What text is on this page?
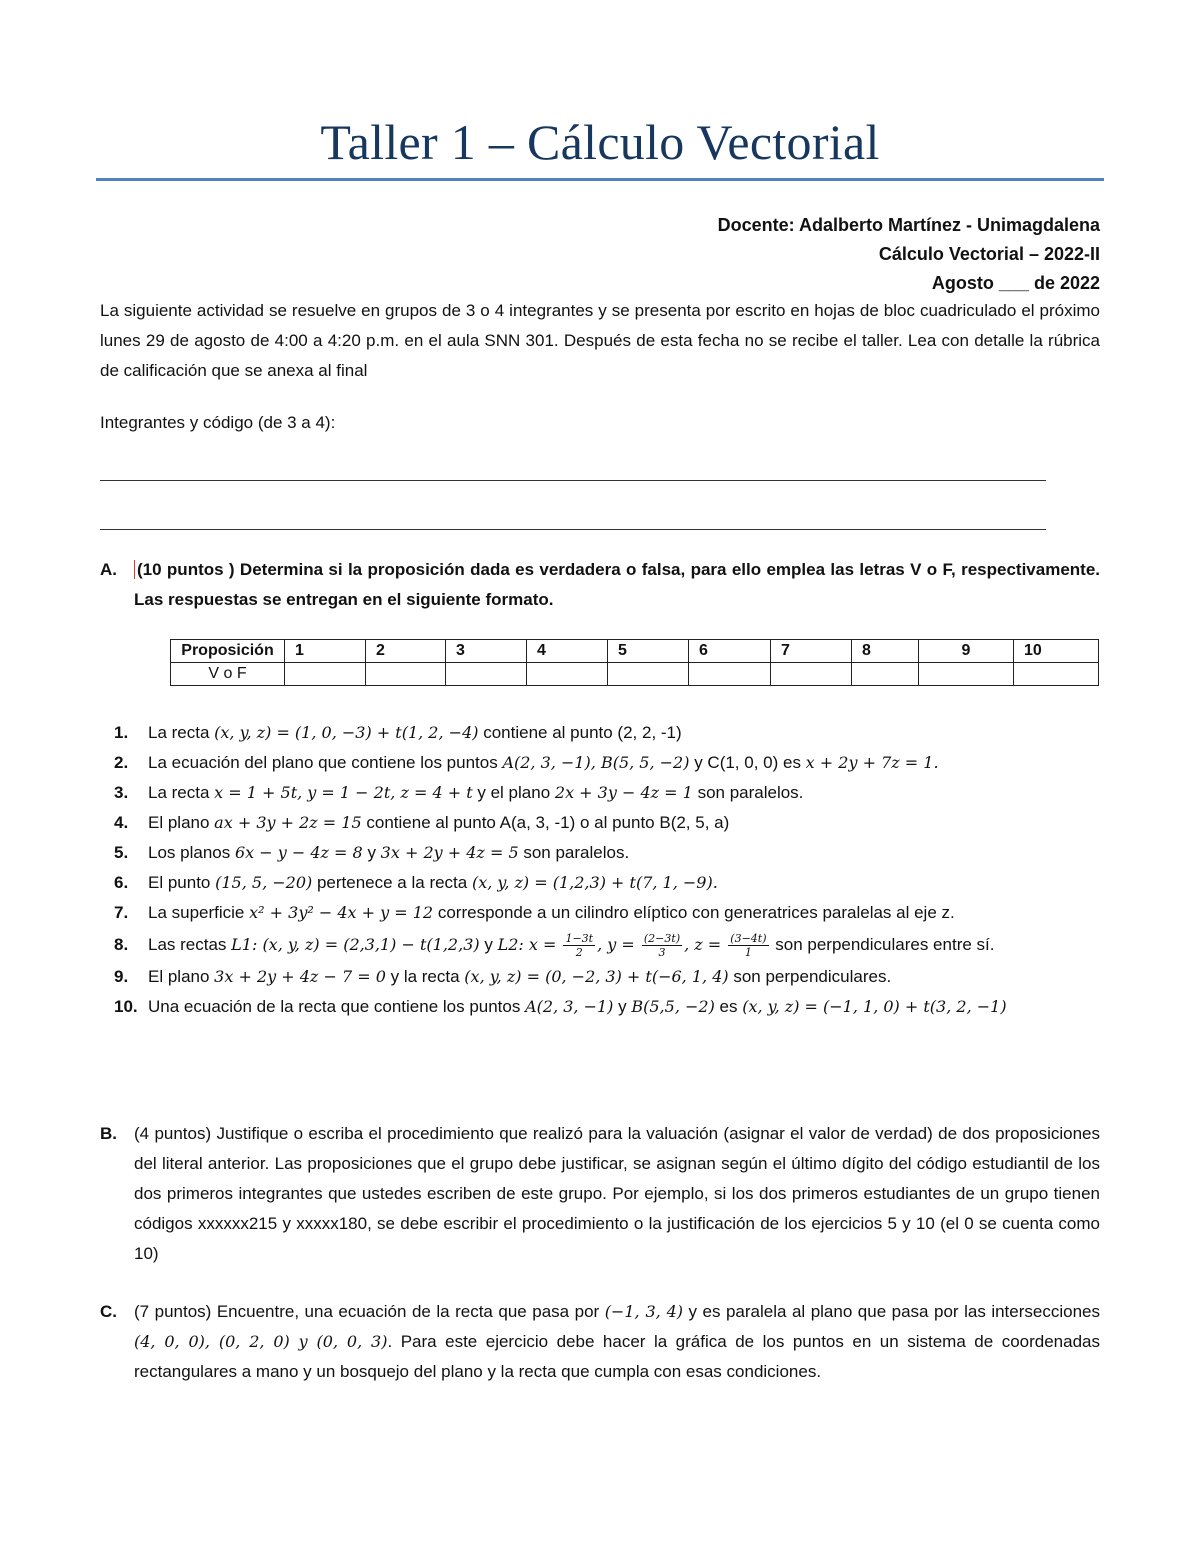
Taller 1 – Cálculo Vectorial
Docente: Adalberto Martínez - Unimagdalena
Cálculo Vectorial – 2022-II
Agosto ___ de 2022
La siguiente actividad se resuelve en grupos de 3 o 4 integrantes y se presenta por escrito en hojas de bloc cuadriculado el próximo lunes 29 de agosto de 4:00 a 4:20 p.m. en el aula SNN 301. Después de esta fecha no se recibe el taller. Lea con detalle la rúbrica de calificación que se anexa al final
Integrantes y código (de 3 a 4):
A. (10 puntos ) Determina si la proposición dada es verdadera o falsa, para ello emplea las letras V o F, respectivamente. Las respuestas se entregan en el siguiente formato.
Proposición	1	2	3	4	5	6	7	8	9	10
V o F										
1. La recta (x, y, z) = (1, 0, −3) + t(1, 2, −4) contiene al punto (2, 2, -1)
2. La ecuación del plano que contiene los puntos A(2, 3, −1), B(5, 5, −2) y C(1, 0, 0) es x + 2y + 7z = 1.
3. La recta x = 1 + 5t, y = 1 − 2t, z = 4 + t y el plano 2x + 3y − 4z = 1 son paralelos.
4. El plano ax + 3y + 2z = 15 contiene al punto A(a, 3, -1) o al punto B(2, 5, a)
5. Los planos 6x − y − 4z = 8 y 3x + 2y + 4z = 5 son paralelos.
6. El punto (15, 5, −20) pertenece a la recta (x, y, z) = (1,2,3) + t(7, 1, −9).
7. La superficie x² + 3y² − 4x + y = 12 corresponde a un cilindro elíptico con generatrices paralelas al eje z.
8. Las rectas L1: (x, y, z) = (2,3,1) − t(1,2,3) y L2: $x = \frac{1-3t}{2}$ , $y = \frac{(2-3t)}{3}$ , $z = \frac{(3-4t)}{1}$ son perpendiculares entre sí.
9. El plano 3x + 2y + 4z − 7 = 0 y la recta (x, y, z) = (0, −2, 3) + t(−6, 1, 4) son perpendiculares.
10. Una ecuación de la recta que contiene los puntos A(2, 3, −1) y B(5,5, −2) es (x, y, z) = (−1, 1, 0) + t(3, 2, −1)
B. (4 puntos) Justifique o escriba el procedimiento que realizó para la valuación (asignar el valor de verdad) de dos proposiciones del literal anterior. Las proposiciones que el grupo debe justificar, se asignan según el último dígito del código estudiantil de los dos primeros integrantes que ustedes escriben de este grupo. Por ejemplo, si los dos primeros estudiantes de un grupo tienen códigos xxxxxx215 y xxxxx180, se debe escribir el procedimiento o la justificación de los ejercicios 5 y 10 (el 0 se cuenta como 10)
C. (7 puntos) Encuentre, una ecuación de la recta que pasa por (−1, 3, 4) y es paralela al plano que pasa por las intersecciones (4, 0, 0), (0, 2, 0) y (0, 0, 3). Para este ejercicio debe hacer la gráfica de los puntos en un sistema de coordenadas rectangulares a mano y un bosquejo del plano y la recta que cumpla con esas condiciones.
